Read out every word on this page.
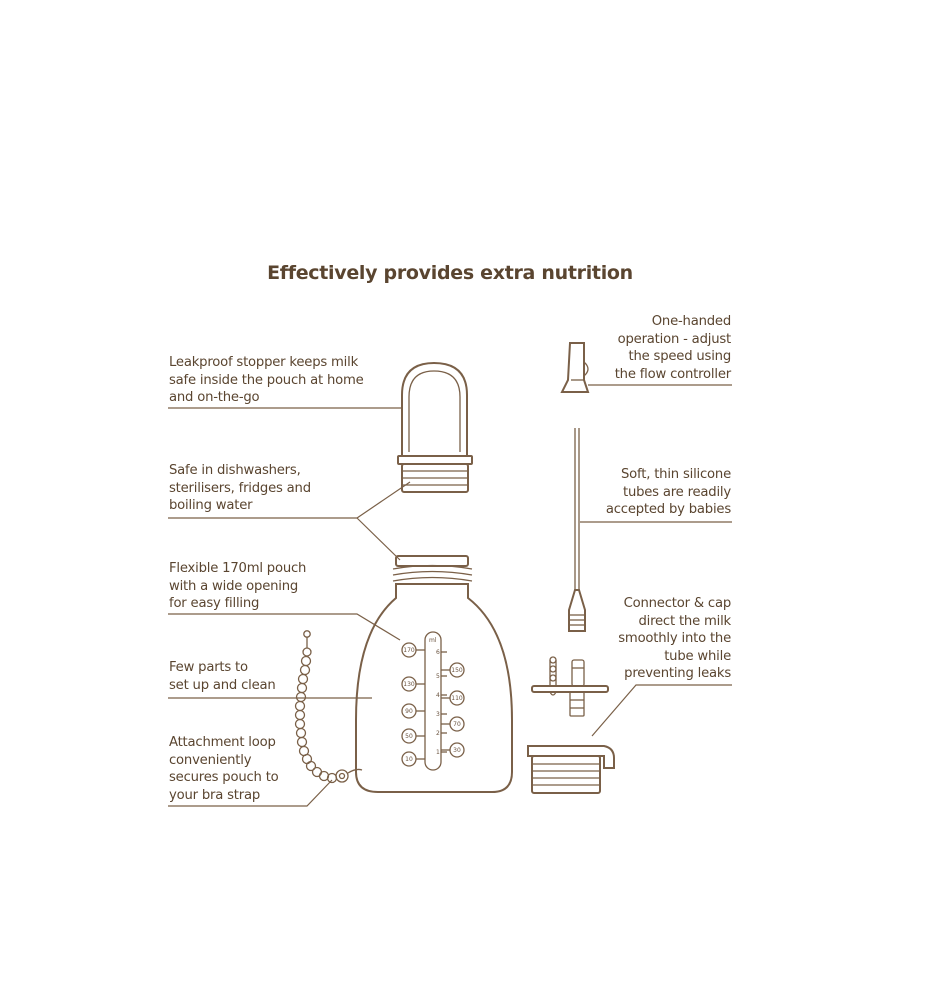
Effectively provides extra nutrition
Leakproof stopper keeps milk
safe inside the pouch at home
and on-the-go
Safe in dishwashers,
sterilisers, fridges and
boiling water
Flexible 170ml pouch
with a wide opening
for easy filling
Few parts to
set up and clean
Attachment loop
conveniently
secures pouch to
your bra strap
One-handed
operation - adjust
the speed using
the flow controller
Soft, thin silicone
tubes are readily
accepted by babies
Connector & cap
direct the milk
smoothly into the
tube while
preventing leaks
ml
6
5
4
3
2
1
170
130
90
50
10
150
110
70
30
